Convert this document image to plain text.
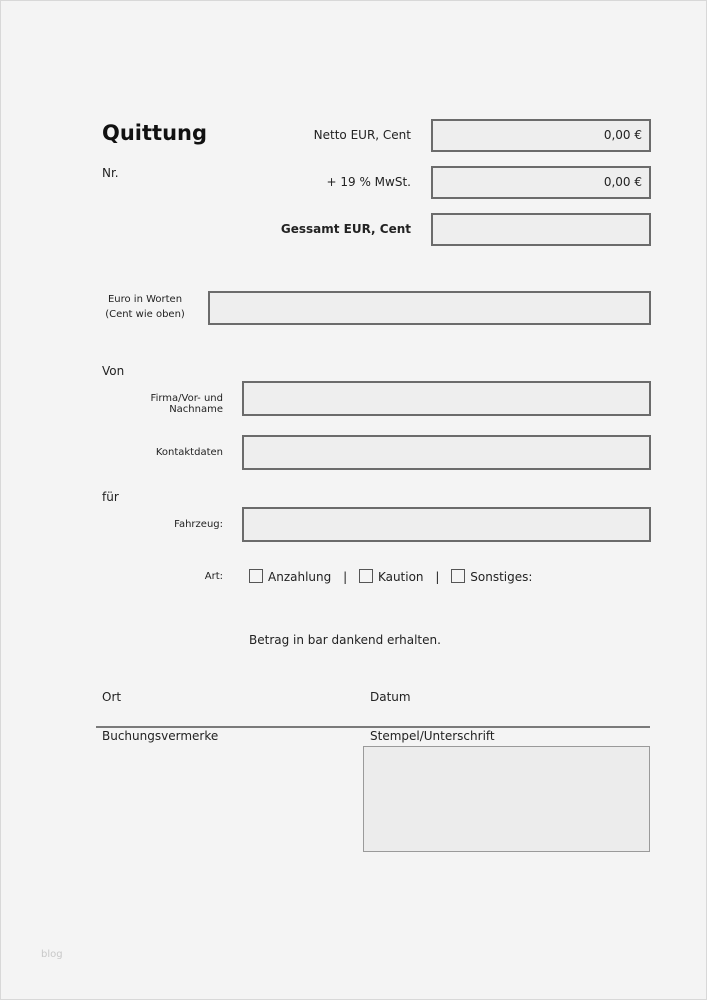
Quittung
Nr.
Netto EUR, Cent	0,00 €
+ 19 % MwSt.	0,00 €
Gessamt EUR, Cent
Euro in Worten
(Cent wie oben)
Von
Firma/Vor- und Nachname
Kontaktdaten
für
Fahrzeug:
Art:	Anzahlung |	Kaution |	Sonstiges:
Betrag in bar dankend erhalten.
Ort	Datum
Buchungsvermerke	Stempel/Unterschrift
blog
